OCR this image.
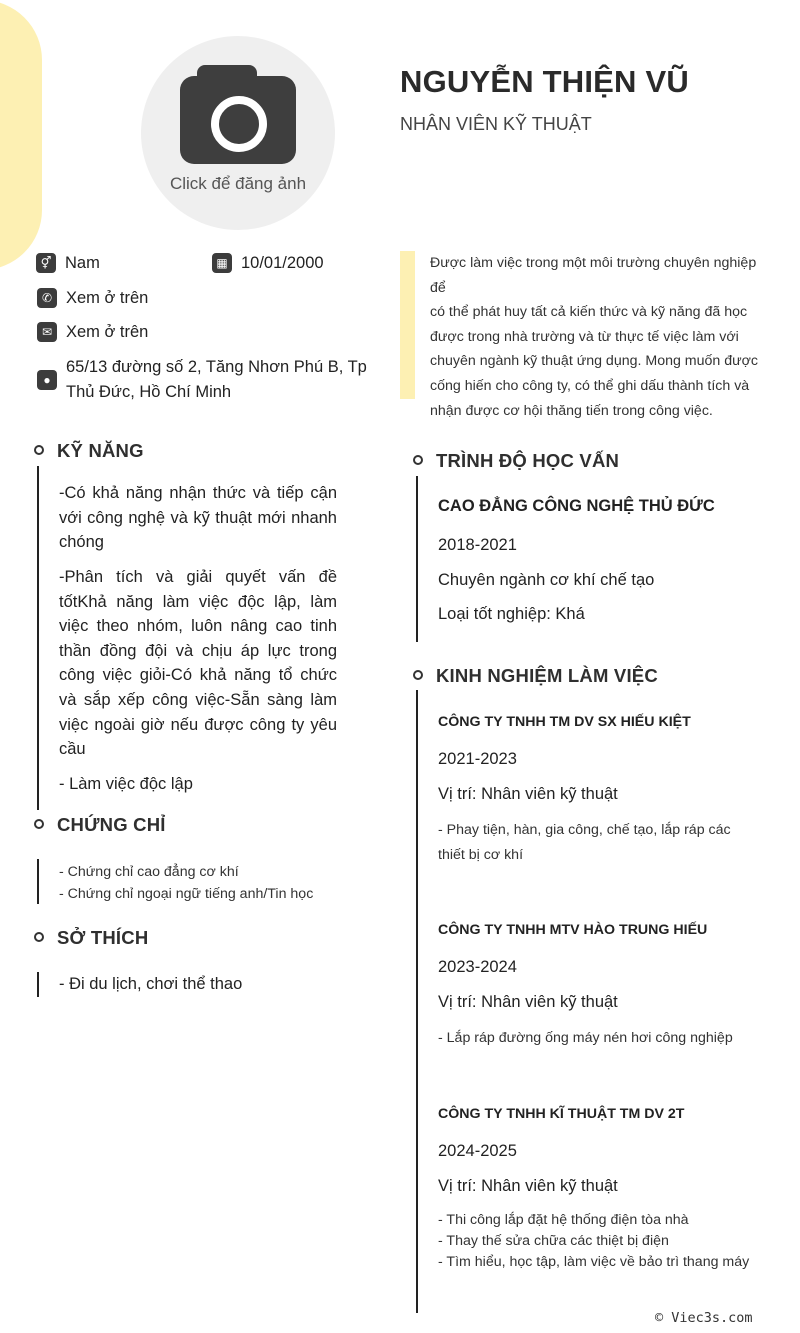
Click để đăng ảnh
NGUYỄN THIỆN VŨ
NHÂN VIÊN KỸ THUẬT
⚥ Nam	▦ 10/01/2000
✆ Xem ở trên
✉ Xem ở trên
●
65/13 đường số 2, Tăng Nhơn Phú B, Tp
Thủ Đức, Hồ Chí Minh
Được làm việc trong một môi trường chuyên nghiệp để
có thể phát huy tất cả kiến thức và kỹ năng đã học
được trong nhà trường và từ thực tế việc làm với
chuyên ngành kỹ thuật ứng dụng. Mong muốn được
cống hiến cho công ty, có thể ghi dấu thành tích và
nhận được cơ hội thăng tiến trong công việc.
KỸ NĂNG
-Có khả năng nhận thức và tiếp cận với công nghệ và kỹ thuật mới nhanh chóng
-Phân tích và giải quyết vấn đề tốtKhả năng làm việc độc lập, làm việc theo nhóm, luôn nâng cao tinh thần đồng đội và chịu áp lực trong công việc giỏi-Có khả năng tổ chức và sắp xếp công việc-Sẵn sàng làm việc ngoài giờ nếu được công ty yêu cầu
- Làm việc độc lập
CHỨNG CHỈ
- Chứng chỉ cao đẳng cơ khí
- Chứng chỉ ngoại ngữ tiếng anh/Tin học
SỞ THÍCH
- Đi du lịch, chơi thể thao
TRÌNH ĐỘ HỌC VẤN
CAO ĐẲNG CÔNG NGHỆ THỦ ĐỨC
2018-2021
Chuyên ngành cơ khí chế tạo
Loại tốt nghiệp: Khá
KINH NGHIỆM LÀM VIỆC
CÔNG TY TNHH TM DV SX HIẾU KIỆT
2021-2023
Vị trí: Nhân viên kỹ thuật
- Phay tiện, hàn, gia công, chế tạo, lắp ráp các
thiết bị cơ khí
CÔNG TY TNHH MTV HÀO TRUNG HIẾU
2023-2024
Vị trí: Nhân viên kỹ thuật
- Lắp ráp đường ống máy nén hơi công nghiệp
CÔNG TY TNHH KĨ THUẬT TM DV 2T
2024-2025
Vị trí: Nhân viên kỹ thuật
- Thi công lắp đặt hệ thống điện tòa nhà
- Thay thế sửa chữa các thiệt bị điện
- Tìm hiểu, học tập, làm việc về bảo trì thang máy
© Viec3s.com
